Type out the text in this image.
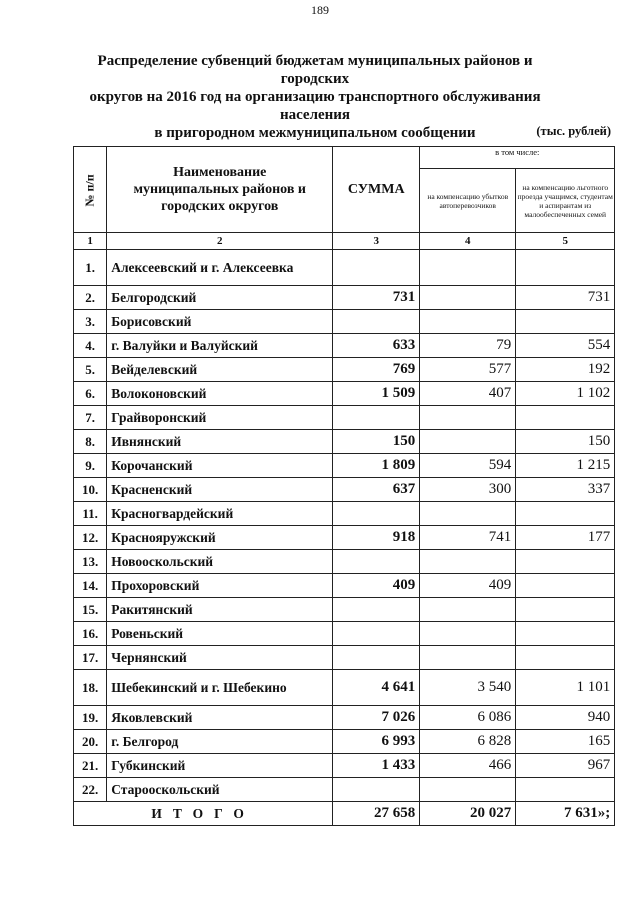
189
Распределение субвенций бюджетам муниципальных районов и городских
округов на 2016 год на организацию транспортного обслуживания населения
в пригородном межмуниципальном сообщении	(тыс. рублей)
№ п/п	Наименование
муниципальных районов и
городских округов	СУММА	в том числе:	
			на компенсацию убытков автоперевозчиков	на компенсацию льготного проезда учащимся, студентам и аспирантам из малообеспеченных семей
1	2	3	4	5
1.	Алексеевский и г. Алексеевка			
2.	Белгородский	731		731
3.	Борисовский			
4.	г. Валуйки и Валуйский	633	79	554
5.	Вейделевский	769	577	192
6.	Волоконовский	1 509	407	1 102
7.	Грайворонский			
8.	Ивнянский	150		150
9.	Корочанский	1 809	594	1 215
10.	Красненский	637	300	337
11.	Красногвардейский			
12.	Краснояружский	918	741	177
13.	Новооскольский			
14.	Прохоровский	409	409	
15.	Ракитянский			
16.	Ровеньский			
17.	Чернянский			
18.	Шебекинский и г. Шебекино	4 641	3 540	1 101
19.	Яковлевский	7 026	6 086	940
20.	г. Белгород	6 993	6 828	165
21.	Губкинский	1 433	466	967
22.	Старооскольский			
ИТОГО		27 658	20 027	7 631»;
